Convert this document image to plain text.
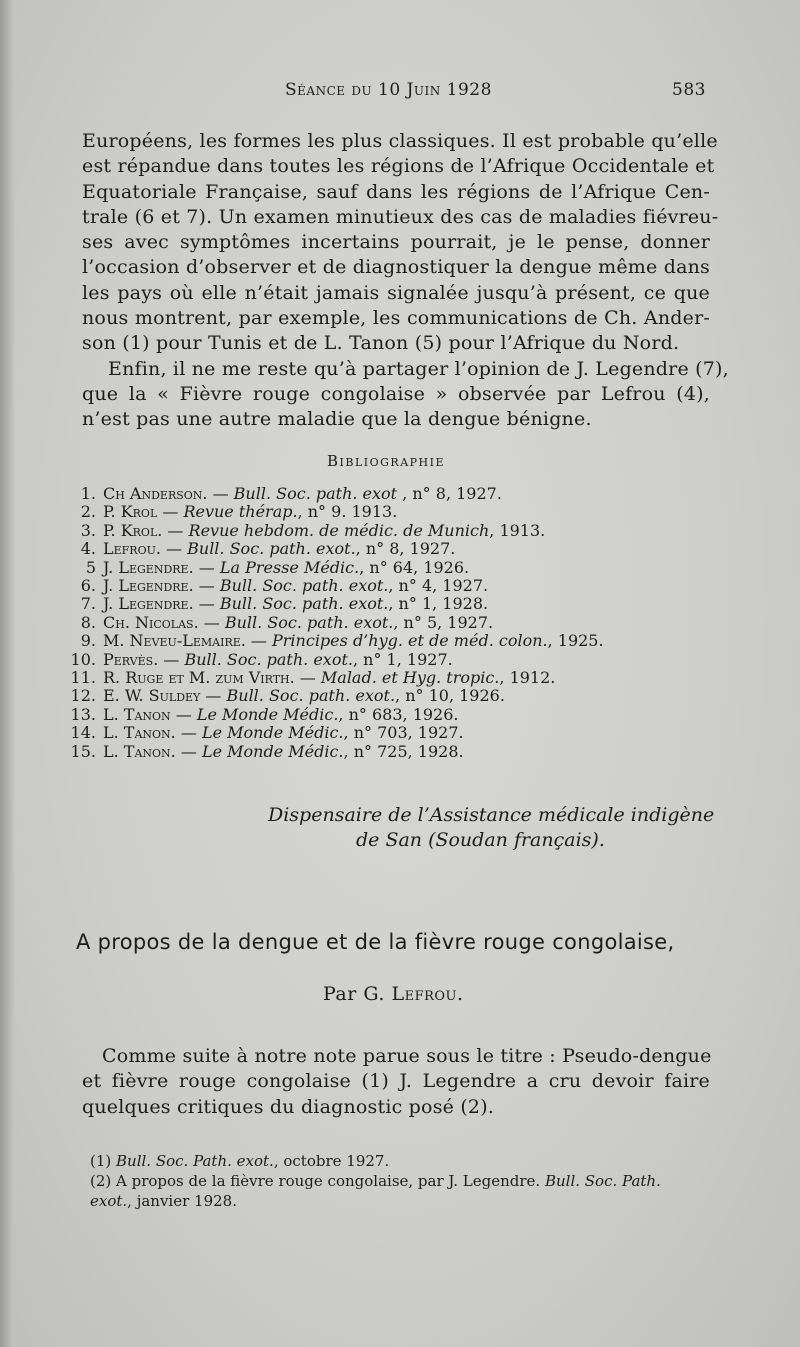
Séance du 10 Juin 1928	583
Européens, les formes les plus classiques. Il est probable qu’elle
est répandue dans toutes les régions de l’Afrique Occidentale et
Equatoriale Française, sauf dans les régions de l’Afrique Cen-
trale (6 et 7). Un examen minutieux des cas de maladies fiévreu-
ses avec symptômes incertains pourrait, je le pense, donner
l’occasion d’observer et de diagnostiquer la dengue même dans
les pays où elle n’était jamais signalée jusqu’à présent, ce que
nous montrent, par exemple, les communications de Ch. Ander-
son (1) pour Tunis et de L. Tanon (5) pour l’Afrique du Nord.
Enfin, il ne me reste qu’à partager l’opinion de J. Legendre (7),
que la « Fièvre rouge congolaise » observée par Lefrou (4),
n’est pas une autre maladie que la dengue bénigne.
Bibliographie
1. Ch Anderson. — Bull. Soc. path. exot , n° 8, 1927.
2. P. Krol — Revue thérap., n° 9. 1913.
3. P. Krol. — Revue hebdom. de médic. de Munich, 1913.
4. Lefrou. — Bull. Soc. path. exot., n° 8, 1927.
5 J. Legendre. — La Presse Médic., n° 64, 1926.
6. J. Legendre. — Bull. Soc. path. exot., n° 4, 1927.
7. J. Legendre. — Bull. Soc. path. exot., n° 1, 1928.
8. Ch. Nicolas. — Bull. Soc. path. exot., n° 5, 1927.
9. M. Neveu-Lemaire. — Principes d’hyg. et de méd. colon., 1925.
10. Pervès. — Bull. Soc. path. exot., n° 1, 1927.
11. R. Ruge et M. zum Virth. — Malad. et Hyg. tropic., 1912.
12. E. W. Suldey — Bull. Soc. path. exot., n° 10, 1926.
13. L. Tanon — Le Monde Médic., n° 683, 1926.
14. L. Tanon. — Le Monde Médic., n° 703, 1927.
15. L. Tanon. — Le Monde Médic., n° 725, 1928.
Dispensaire de l’Assistance médicale indigène
de San (Soudan français).
A propos de la dengue et de la fièvre rouge congolaise,
Par G. Lefrou.
Comme suite à notre note parue sous le titre : Pseudo-dengue
et fièvre rouge congolaise (1) J. Legendre a cru devoir faire
quelques critiques du diagnostic posé (2).
(1) Bull. Soc. Path. exot., octobre 1927.
(2) A propos de la fièvre rouge congolaise, par J. Legendre. Bull. Soc. Path.
exot., janvier 1928.
